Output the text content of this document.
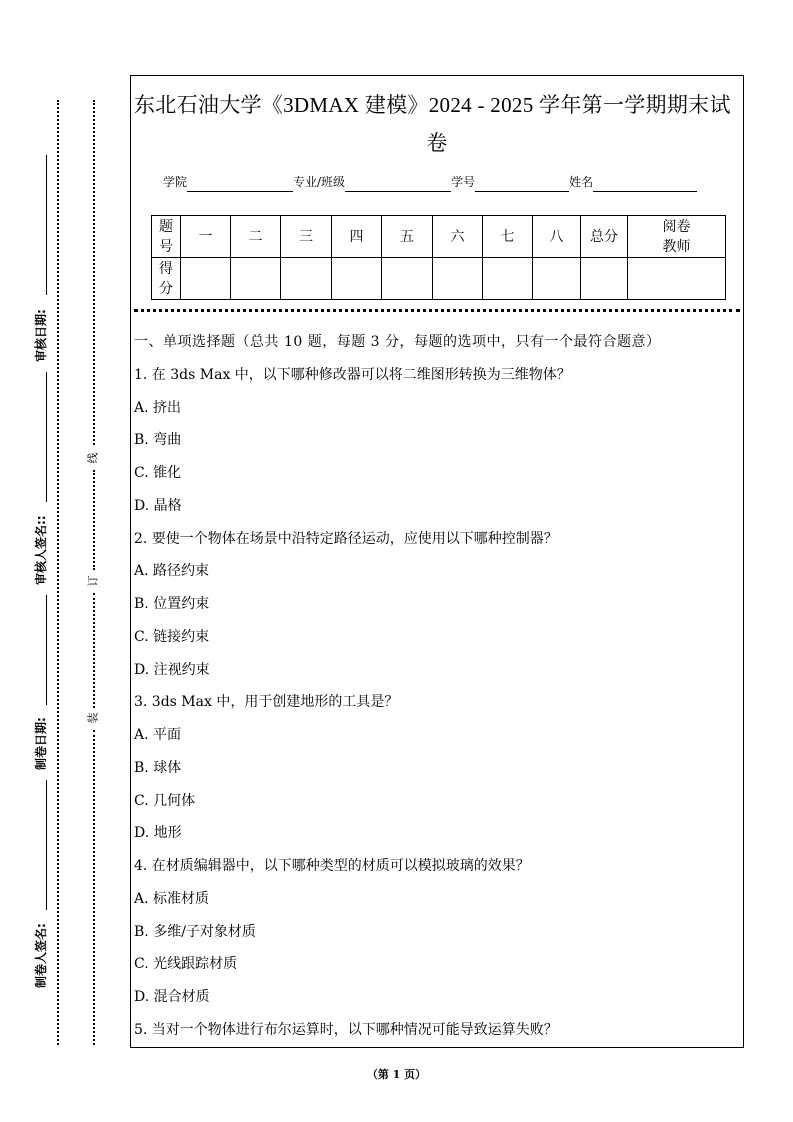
审核日期:
审核人签名::
制卷日期:
制卷人签名:
线
订
装
东北石油大学《3DMAX 建模》2024 - 2025 学年第一学期期末试
卷
学院	专业/班级	学号	姓名
题号	一	二	三	四	五	六	七	八	总分	阅卷教师
得分										
一、单项选择题（总共 10 题，每题 3 分，每题的选项中，只有一个最符合题意）
1. 在 3ds Max 中，以下哪种修改器可以将二维图形转换为三维物体？
A. 挤出
B. 弯曲
C. 锥化
D. 晶格
2. 要使一个物体在场景中沿特定路径运动，应使用以下哪种控制器？
A. 路径约束
B. 位置约束
C. 链接约束
D. 注视约束
3. 3ds Max 中，用于创建地形的工具是？
A. 平面
B. 球体
C. 几何体
D. 地形
4. 在材质编辑器中，以下哪种类型的材质可以模拟玻璃的效果？
A. 标准材质
B. 多维/子对象材质
C. 光线跟踪材质
D. 混合材质
5. 当对一个物体进行布尔运算时，以下哪种情况可能导致运算失败？
（第 1 页）
